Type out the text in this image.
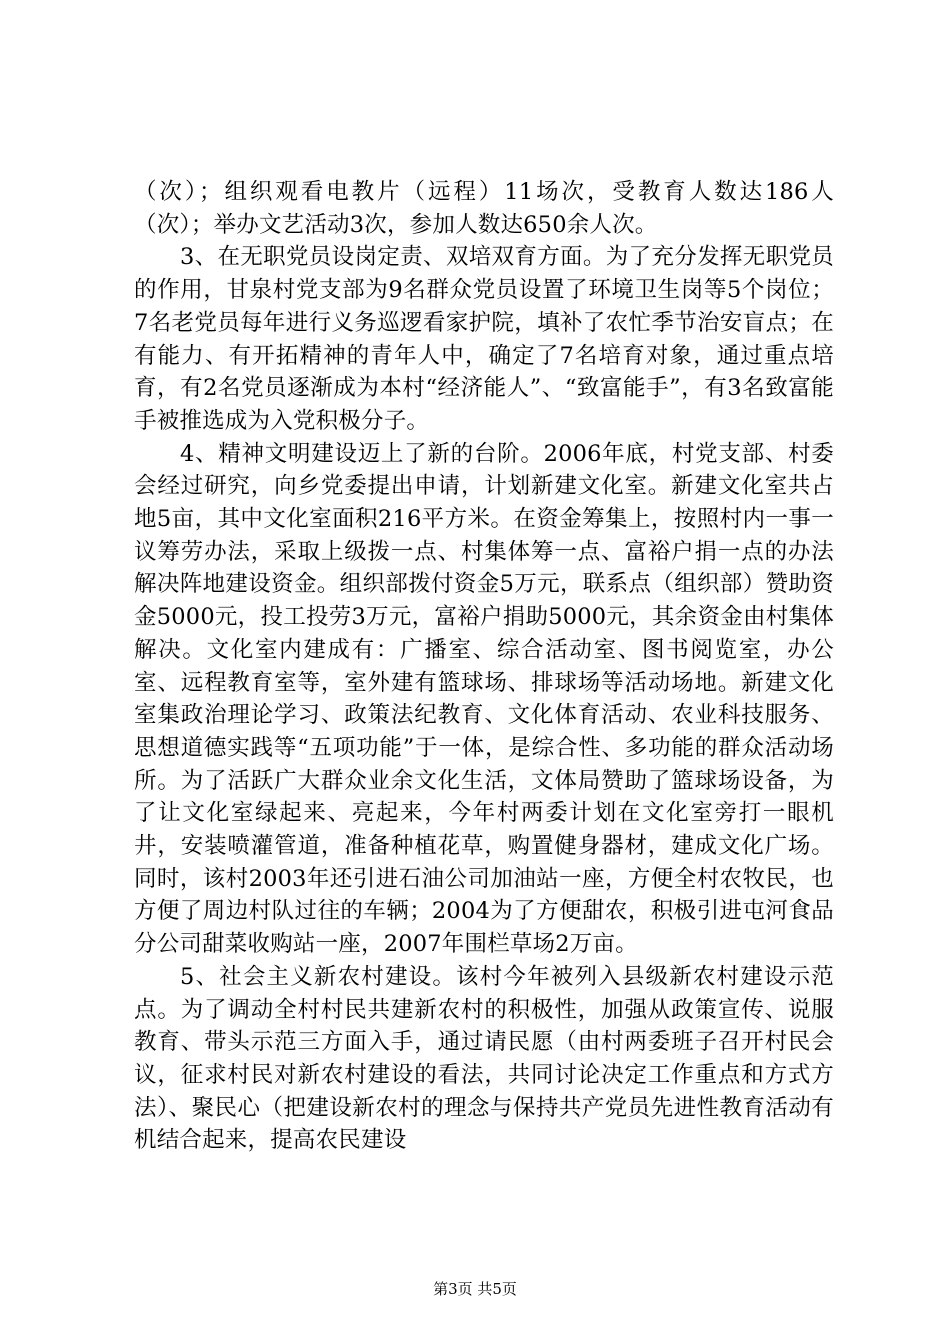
（次）；组织观看电教片（远程）11场次，受教育人数达186人（次）；举办文艺活动3次，参加人数达650余人次。

3、在无职党员设岗定责、双培双育方面。为了充分发挥无职党员的作用，甘泉村党支部为9名群众党员设置了环境卫生岗等5个岗位；7名老党员每年进行义务巡逻看家护院，填补了农忙季节治安盲点；在有能力、有开拓精神的青年人中，确定了7名培育对象，通过重点培育，有2名党员逐渐成为本村“经济能人”、“致富能手”，有3名致富能手被推选成为入党积极分子。

4、精神文明建设迈上了新的台阶。2006年底，村党支部、村委会经过研究，向乡党委提出申请，计划新建文化室。新建文化室共占地5亩，其中文化室面积216平方米。在资金筹集上，按照村内一事一议筹劳办法，采取上级拨一点、村集体筹一点、富裕户捐一点的办法解决阵地建设资金。组织部拨付资金5万元，联系点（组织部）赞助资金5000元，投工投劳3万元，富裕户捐助5000元，其余资金由村集体解决。文化室内建成有：广播室、综合活动室、图书阅览室，办公室、远程教育室等，室外建有篮球场、排球场等活动场地。新建文化室集政治理论学习、政策法纪教育、文化体育活动、农业科技服务、思想道德实践等“五项功能”于一体，是综合性、多功能的群众活动场所。为了活跃广大群众业余文化生活，文体局赞助了篮球场设备，为了让文化室绿起来、亮起来，今年村两委计划在文化室旁打一眼机井，安装喷灌管道，准备种植花草，购置健身器材，建成文化广场。同时，该村2003年还引进石油公司加油站一座，方便全村农牧民，也方便了周边村队过往的车辆；2004为了方便甜农，积极引进屯河食品分公司甜菜收购站一座，2007年围栏草场2万亩。

5、社会主义新农村建设。该村今年被列入县级新农村建设示范点。为了调动全村村民共建新农村的积极性，加强从政策宣传、说服教育、带头示范三方面入手，通过请民愿（由村两委班子召开村民会议，征求村民对新农村建设的看法，共同讨论决定工作重点和方式方法）、聚民心（把建设新农村的理念与保持共产党员先进性教育活动有机结合起来，提高农民建设

第3页 共5页
